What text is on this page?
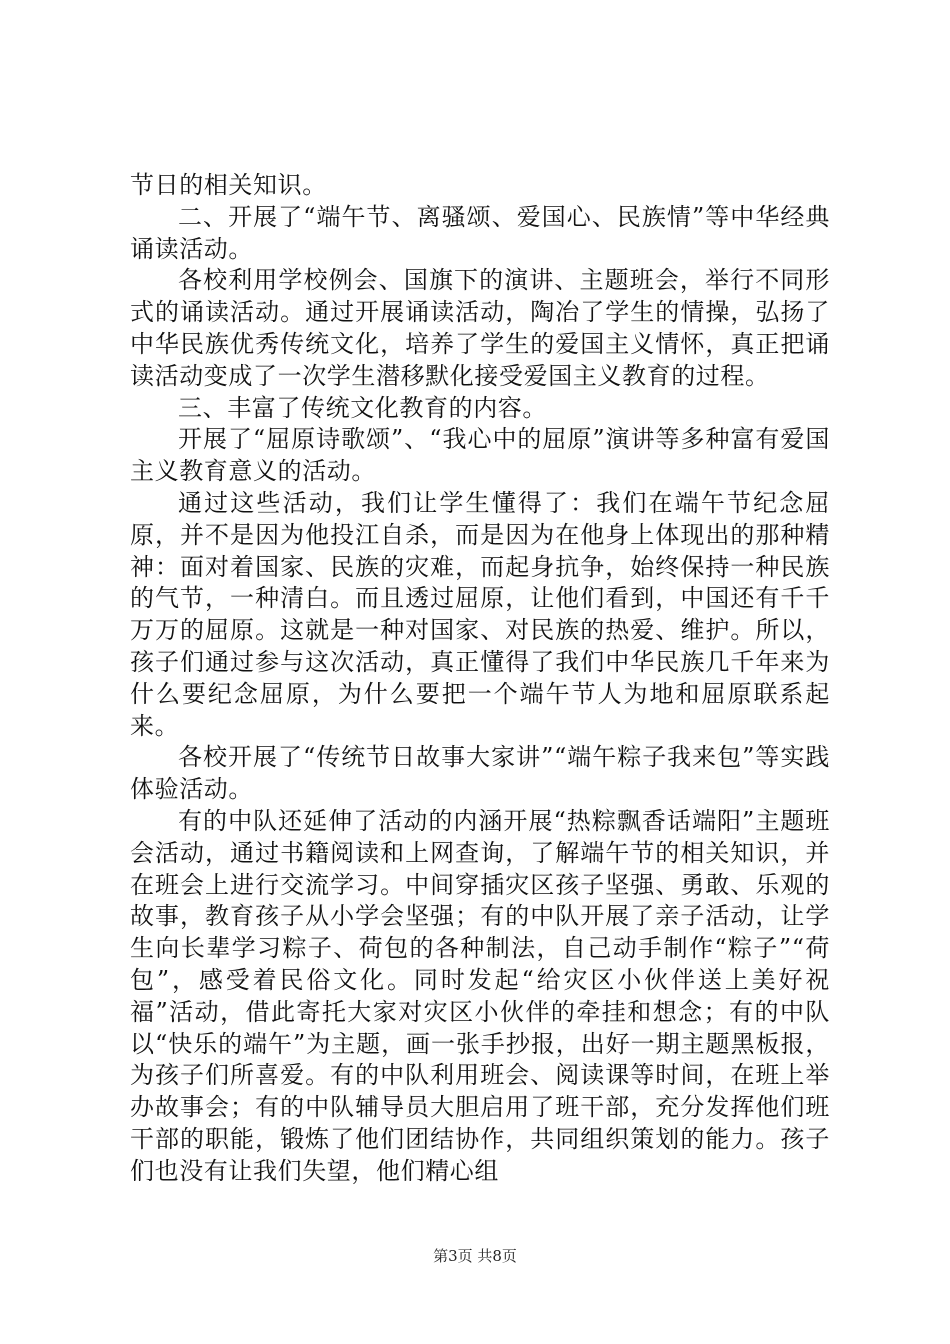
节日的相关知识。

二、开展了“端午节、离骚颂、爱国心、民族情”等中华经典诵读活动。

各校利用学校例会、国旗下的演讲、主题班会，举行不同形式的诵读活动。通过开展诵读活动，陶冶了学生的情操，弘扬了中华民族优秀传统文化，培养了学生的爱国主义情怀，真正把诵读活动变成了一次学生潜移默化接受爱国主义教育的过程。

三、丰富了传统文化教育的内容。

开展了“屈原诗歌颂”、“我心中的屈原”演讲等多种富有爱国主义教育意义的活动。

通过这些活动，我们让学生懂得了：我们在端午节纪念屈原，并不是因为他投江自杀，而是因为在他身上体现出的那种精神：面对着国家、民族的灾难，而起身抗争，始终保持一种民族的气节，一种清白。而且透过屈原，让他们看到，中国还有千千万万的屈原。这就是一种对国家、对民族的热爱、维护。所以，孩子们通过参与这次活动，真正懂得了我们中华民族几千年来为什么要纪念屈原，为什么要把一个端午节人为地和屈原联系起来。

各校开展了“传统节日故事大家讲”“端午粽子我来包”等实践体验活动。

有的中队还延伸了活动的内涵开展“热粽飘香话端阳”主题班会活动，通过书籍阅读和上网查询，了解端午节的相关知识，并在班会上进行交流学习。中间穿插灾区孩子坚强、勇敢、乐观的故事，教育孩子从小学会坚强；有的中队开展了亲子活动，让学生向长辈学习粽子、荷包的各种制法，自己动手制作“粽子”“荷包”，感受着民俗文化。同时发起“给灾区小伙伴送上美好祝福”活动，借此寄托大家对灾区小伙伴的牵挂和想念；有的中队以“快乐的端午”为主题，画一张手抄报，出好一期主题黑板报，为孩子们所喜爱。有的中队利用班会、阅读课等时间，在班上举办故事会；有的中队辅导员大胆启用了班干部，充分发挥他们班干部的职能，锻炼了他们团结协作，共同组织策划的能力。孩子们也没有让我们失望，他们精心组

第3页 共8页
